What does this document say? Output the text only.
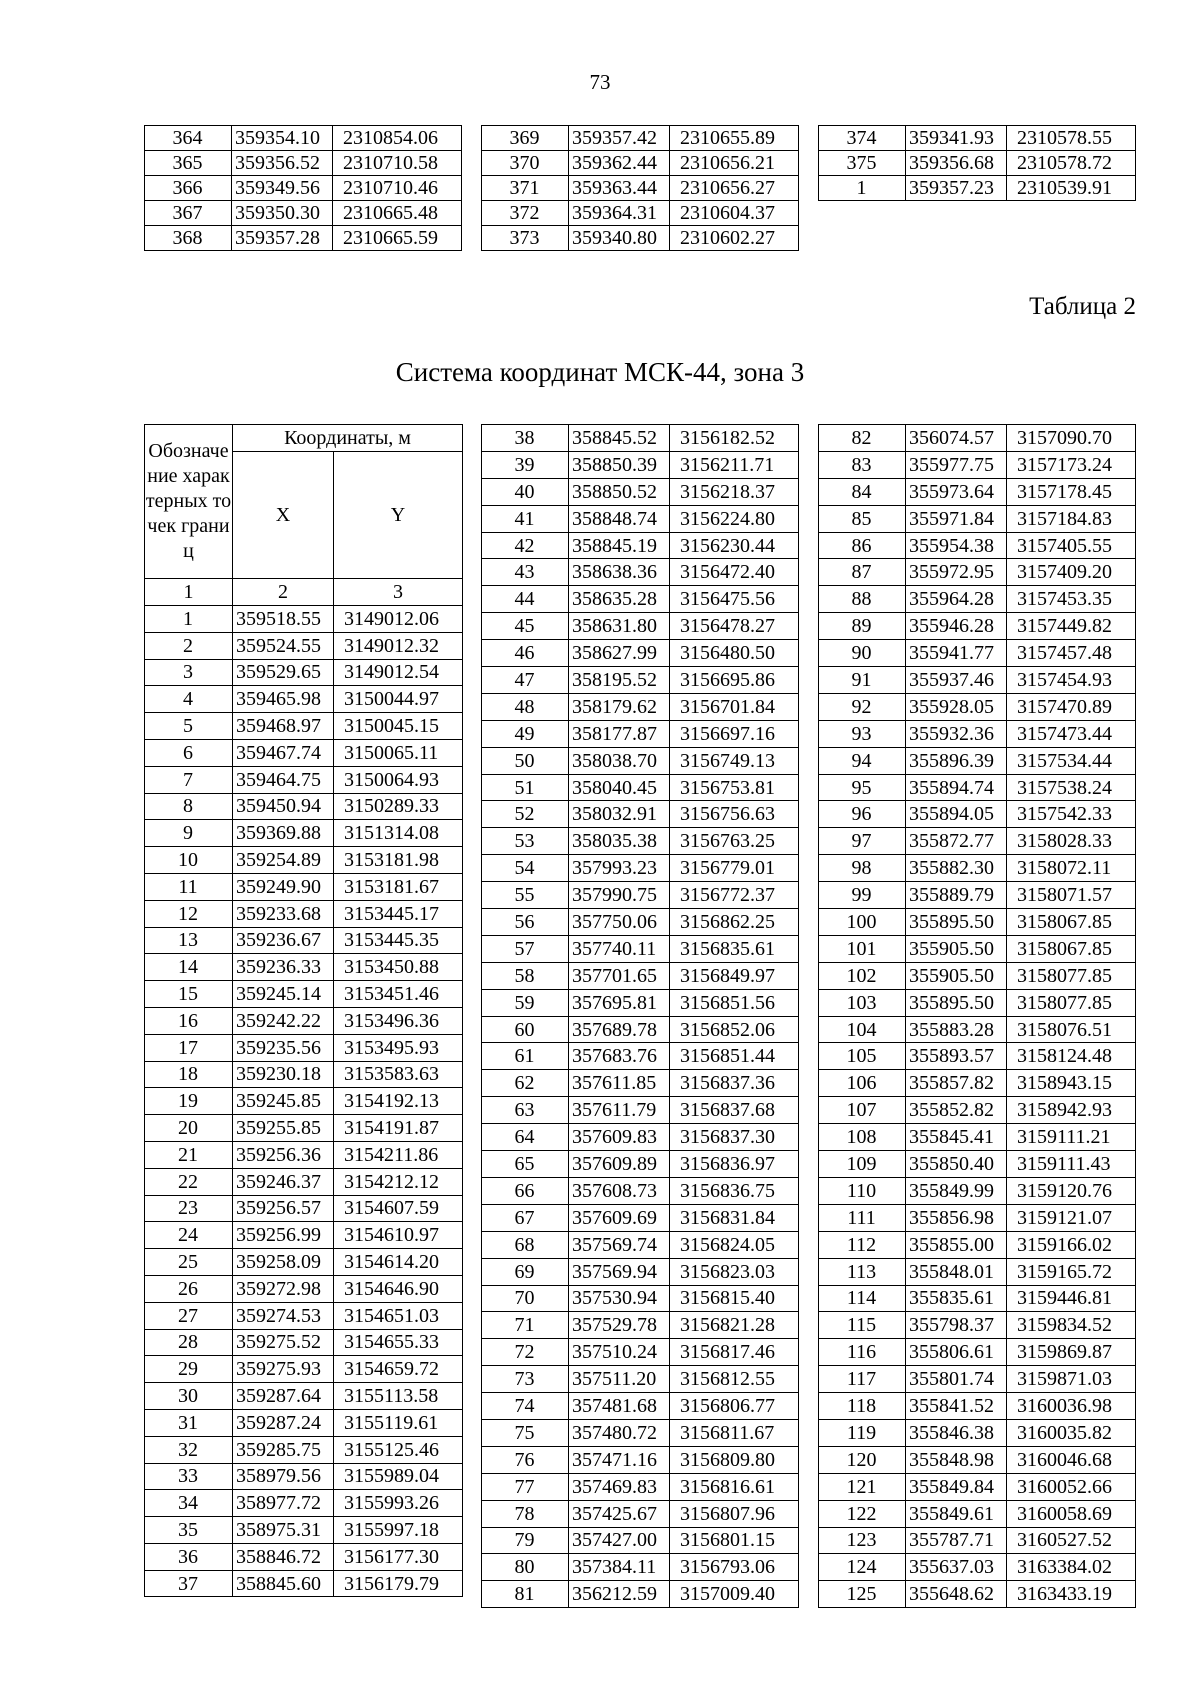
73
364	359354.10	2310854.06
365	359356.52	2310710.58
366	359349.56	2310710.46
367	359350.30	2310665.48
368	359357.28	2310665.59
369	359357.42	2310655.89
370	359362.44	2310656.21
371	359363.44	2310656.27
372	359364.31	2310604.37
373	359340.80	2310602.27
374	359341.93	2310578.55
375	359356.68	2310578.72
1	359357.23	2310539.91
Таблица 2
Система координат МСК-44, зона 3
Обозначение характерных точек границ	Координаты, м	
	X	Y
1	2	3
1	359518.55	3149012.06
2	359524.55	3149012.32
3	359529.65	3149012.54
4	359465.98	3150044.97
5	359468.97	3150045.15
6	359467.74	3150065.11
7	359464.75	3150064.93
8	359450.94	3150289.33
9	359369.88	3151314.08
10	359254.89	3153181.98
11	359249.90	3153181.67
12	359233.68	3153445.17
13	359236.67	3153445.35
14	359236.33	3153450.88
15	359245.14	3153451.46
16	359242.22	3153496.36
17	359235.56	3153495.93
18	359230.18	3153583.63
19	359245.85	3154192.13
20	359255.85	3154191.87
21	359256.36	3154211.86
22	359246.37	3154212.12
23	359256.57	3154607.59
24	359256.99	3154610.97
25	359258.09	3154614.20
26	359272.98	3154646.90
27	359274.53	3154651.03
28	359275.52	3154655.33
29	359275.93	3154659.72
30	359287.64	3155113.58
31	359287.24	3155119.61
32	359285.75	3155125.46
33	358979.56	3155989.04
34	358977.72	3155993.26
35	358975.31	3155997.18
36	358846.72	3156177.30
37	358845.60	3156179.79
38	358845.52	3156182.52
39	358850.39	3156211.71
40	358850.52	3156218.37
41	358848.74	3156224.80
42	358845.19	3156230.44
43	358638.36	3156472.40
44	358635.28	3156475.56
45	358631.80	3156478.27
46	358627.99	3156480.50
47	358195.52	3156695.86
48	358179.62	3156701.84
49	358177.87	3156697.16
50	358038.70	3156749.13
51	358040.45	3156753.81
52	358032.91	3156756.63
53	358035.38	3156763.25
54	357993.23	3156779.01
55	357990.75	3156772.37
56	357750.06	3156862.25
57	357740.11	3156835.61
58	357701.65	3156849.97
59	357695.81	3156851.56
60	357689.78	3156852.06
61	357683.76	3156851.44
62	357611.85	3156837.36
63	357611.79	3156837.68
64	357609.83	3156837.30
65	357609.89	3156836.97
66	357608.73	3156836.75
67	357609.69	3156831.84
68	357569.74	3156824.05
69	357569.94	3156823.03
70	357530.94	3156815.40
71	357529.78	3156821.28
72	357510.24	3156817.46
73	357511.20	3156812.55
74	357481.68	3156806.77
75	357480.72	3156811.67
76	357471.16	3156809.80
77	357469.83	3156816.61
78	357425.67	3156807.96
79	357427.00	3156801.15
80	357384.11	3156793.06
81	356212.59	3157009.40
82	356074.57	3157090.70
83	355977.75	3157173.24
84	355973.64	3157178.45
85	355971.84	3157184.83
86	355954.38	3157405.55
87	355972.95	3157409.20
88	355964.28	3157453.35
89	355946.28	3157449.82
90	355941.77	3157457.48
91	355937.46	3157454.93
92	355928.05	3157470.89
93	355932.36	3157473.44
94	355896.39	3157534.44
95	355894.74	3157538.24
96	355894.05	3157542.33
97	355872.77	3158028.33
98	355882.30	3158072.11
99	355889.79	3158071.57
100	355895.50	3158067.85
101	355905.50	3158067.85
102	355905.50	3158077.85
103	355895.50	3158077.85
104	355883.28	3158076.51
105	355893.57	3158124.48
106	355857.82	3158943.15
107	355852.82	3158942.93
108	355845.41	3159111.21
109	355850.40	3159111.43
110	355849.99	3159120.76
111	355856.98	3159121.07
112	355855.00	3159166.02
113	355848.01	3159165.72
114	355835.61	3159446.81
115	355798.37	3159834.52
116	355806.61	3159869.87
117	355801.74	3159871.03
118	355841.52	3160036.98
119	355846.38	3160035.82
120	355848.98	3160046.68
121	355849.84	3160052.66
122	355849.61	3160058.69
123	355787.71	3160527.52
124	355637.03	3163384.02
125	355648.62	3163433.19
